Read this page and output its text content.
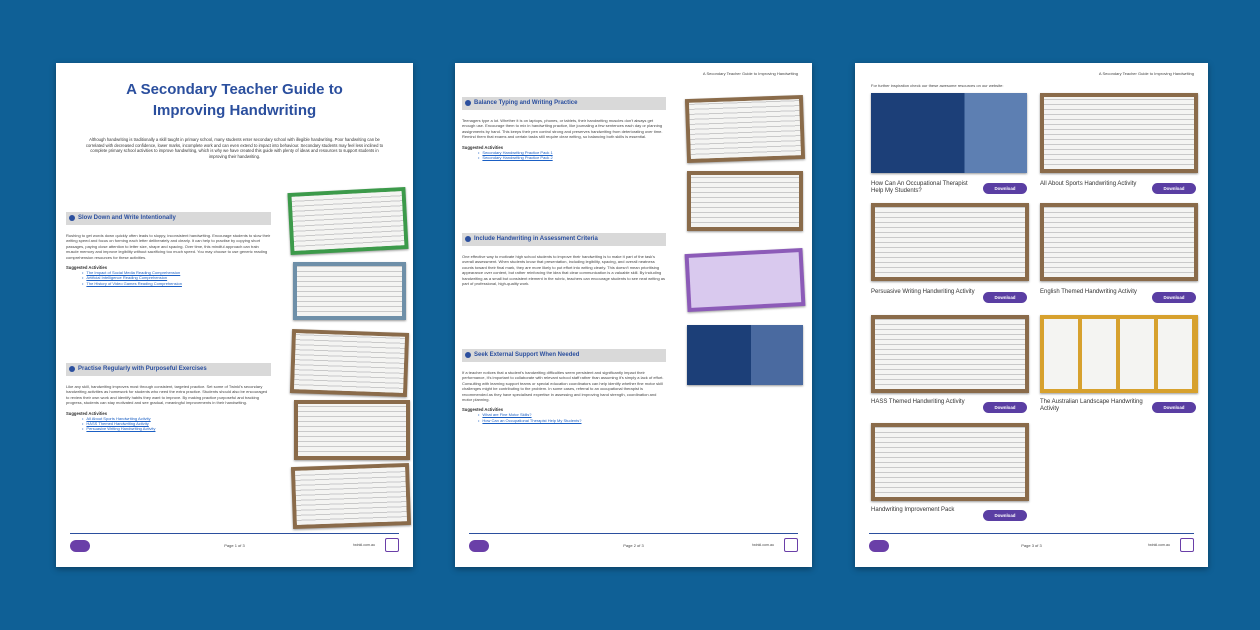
A Secondary Teacher Guide to
Improving Handwriting
Although handwriting is traditionally a skill taught in primary school, many students enter secondary school with illegible handwriting. Poor handwriting can be correlated with decreased confidence, lower marks, incomplete work and can even extend to impact into behaviour. Secondary students may feel less inclined to complete primary school activities to improve handwriting, which is why we have created this guide with plenty of ideas and resources to support students in improving their handwriting.
Slow Down and Write Intentionally
Rushing to get words down quickly often leads to sloppy, inconsistent handwriting. Encourage students to slow their writing speed and focus on forming each letter deliberately and clearly. It can help to practise by copying short passages, paying close attention to letter size, shape and spacing. Over time, this mindful approach can train muscle memory and improve legibility without sacrificing too much speed. You may choose to use generic reading comprehension resources for these activities.
Suggested Activities
• The Impact of Social Media Reading Comprehension
• Artificial Intelligence Reading Comprehension
• The History of Video Games Reading Comprehension
Practise Regularly with Purposeful Exercises
Like any skill, handwriting improves most through consistent, targeted practice. Set some of Twinkl's secondary handwriting activities as homework for students who need the extra practice. Students should also be encouraged to review their own work and identify habits they want to improve. By making practice purposeful and tracking progress, students can stay motivated and see gradual, meaningful improvements in their handwriting.
Suggested Activities
• All About Sports Handwriting Activity
• HASS Themed Handwriting Activity
• Persuasive Writing Handwriting Activity
Page 1 of 3	twinkl.com.au
A Secondary Teacher Guide to Improving Handwriting
Balance Typing and Writing Practice
Teenagers type a lot. Whether it is on laptops, phones, or tablets, their handwriting muscles don't always get enough use. Encourage them to mix in handwriting practice, like journaling a few sentences each day or planning assignments by hand. This keeps their pen control strong and preserves handwriting from deteriorating over time. Remind them that exams and certain tasks still require clear writing, so balancing both skills is essential.
Suggested Activities
• Secondary Handwriting Practice Pack 1
• Secondary Handwriting Practice Pack 2
Include Handwriting in Assessment Criteria
One effective way to motivate high school students to improve their handwriting is to make it part of the task's overall assessment. When students know that presentation, including legibility, spacing, and overall neatness counts toward their final mark, they are more likely to put effort into writing clearly. This doesn't mean prioritising appearance over content, but rather reinforcing the idea that clear communication is a valuable skill. By including handwriting as a small but consistent element in the rubric, teachers can encourage students to see neat writing as part of professional, high-quality work.
Seek External Support When Needed
If a teacher notices that a student's handwriting difficulties seem persistent and significantly impact their performance, it's important to collaborate with relevant school staff rather than assuming it's simply a lack of effort. Consulting with learning support teams or special education coordinators can help identify whether fine motor skill challenges might be contributing to the problem. In some cases, referral to an occupational therapist is recommended as they have specialised expertise in assessing and improving hand strength, coordination and motor planning.
Suggested Activities
• What are Fine Motor Skills?
• How Can an Occupational Therapist Help My Students?
Page 2 of 3	twinkl.com.au
A Secondary Teacher Guide to Improving Handwriting
For further inspiration check our these awesome resources on our website:
How Can An Occupational Therapist Help My Students?	Download
All About Sports Handwriting Activity
Download
Persuasive Writing Handwriting Activity
Download
English Themed Handwriting Activity
Download
HASS Themed Handwriting Activity
Download
The Australian Landscape Handwriting Activity	Download
Handwriting Improvement Pack
Download
Page 3 of 3	twinkl.com.au
